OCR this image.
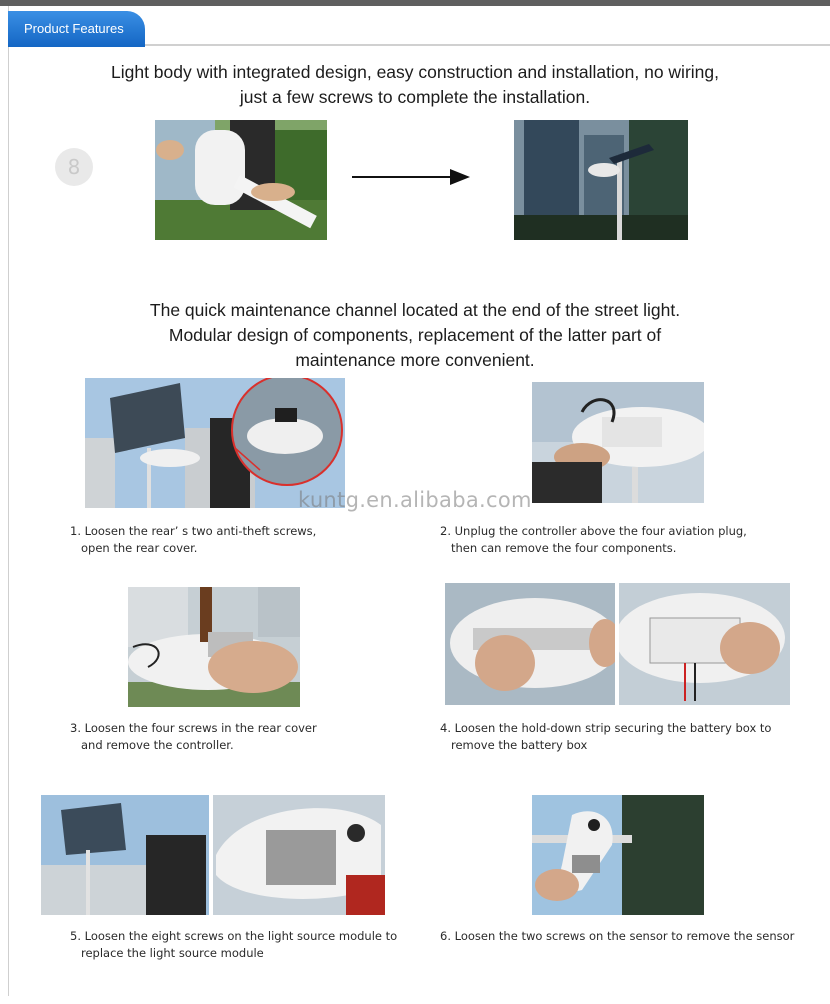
Product Features
Light body with integrated design, easy construction and installation, no wiring,
just a few screws to complete the installation.
8
The quick maintenance channel located at the end of the street light.
Modular design of components, replacement of the latter part of
maintenance more convenient.

1. Loosen the rear’ s two anti-theft screws,
open the rear cover.

2. Unplug the controller above the four aviation plug,
then can remove the four components.

kuntg.en.alibaba.com

3. Loosen the four screws in the rear cover
and remove the controller.

4. Loosen the hold-down strip securing the battery box to
remove the battery box

5. Loosen the eight screws on the light source module to
replace the light source module

6. Loosen the two screws on the sensor to remove the sensor
